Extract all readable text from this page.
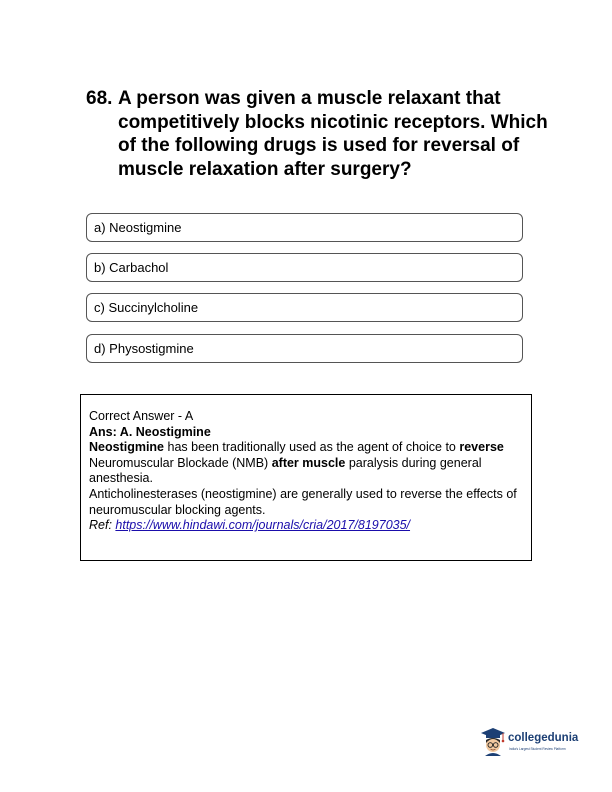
68. A person was given a muscle relaxant that competitively blocks nicotinic receptors. Which of the following drugs is used for reversal of muscle relaxation after surgery?
a) Neostigmine
b) Carbachol
c) Succinylcholine
d) Physostigmine

Correct Answer - A

Ans: A. Neostigmine

Neostigmine has been traditionally used as the agent of choice to reverse Neuromuscular Blockade (NMB) after muscle paralysis during general anesthesia.

Anticholinesterases (neostigmine) are generally used to reverse the effects of neuromuscular blocking agents.

Ref: https://www.hindawi.com/journals/cria/2017/8197035/

collegedunia
India's Largest Student Review Platform
